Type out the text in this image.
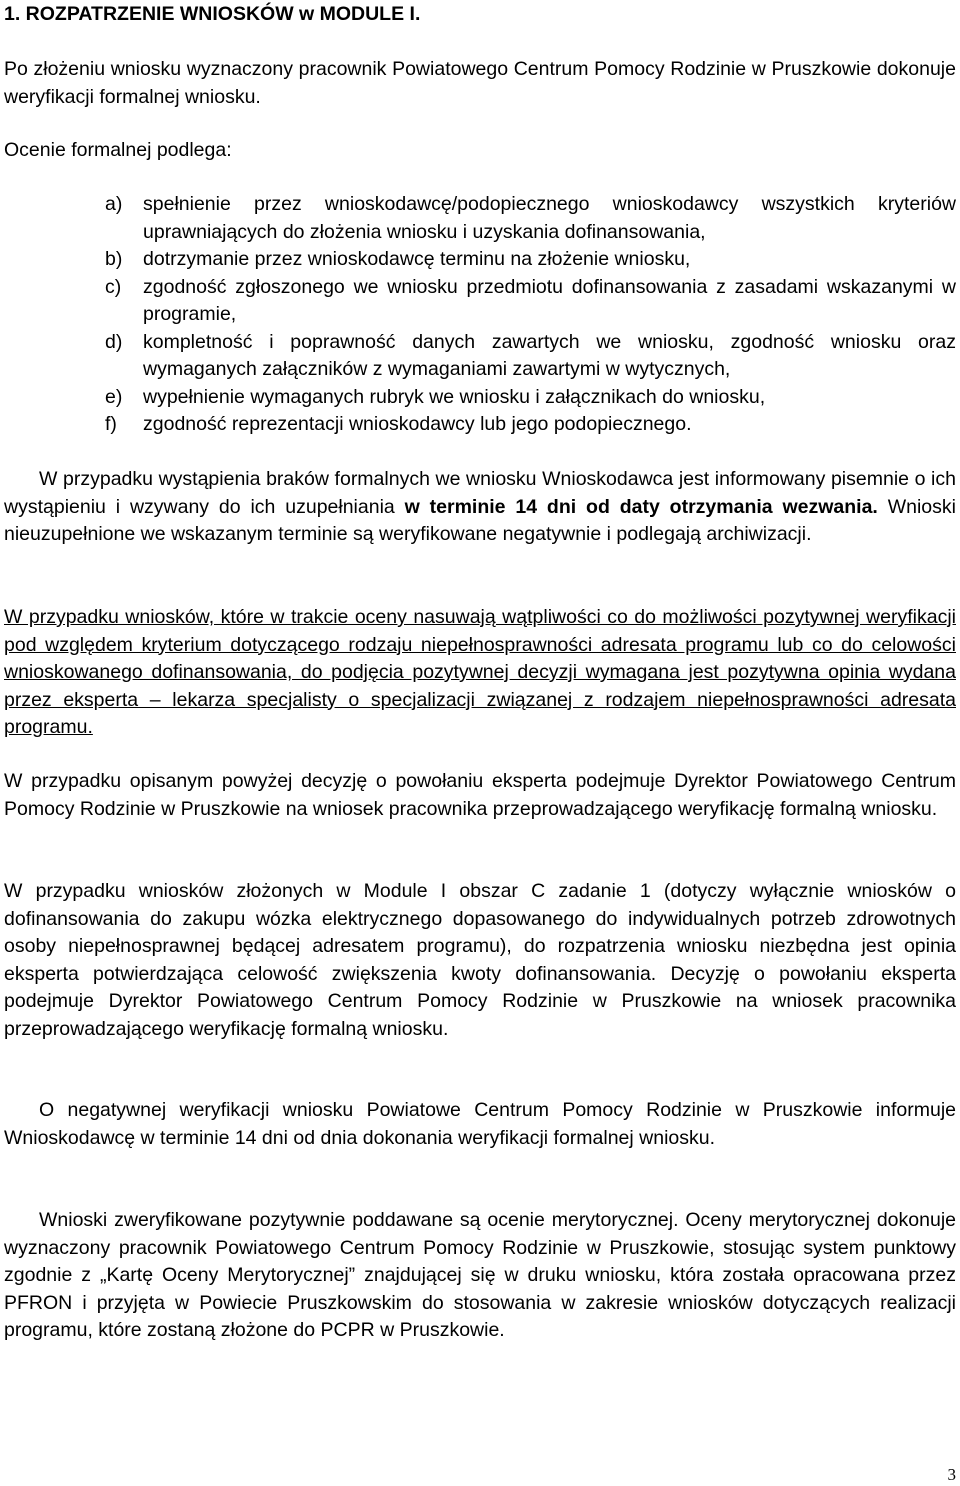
1. ROZPATRZENIE WNIOSKÓW w MODULE I.

Po złożeniu wniosku wyznaczony pracownik Powiatowego Centrum Pomocy Rodzinie w Pruszkowie dokonuje weryfikacji formalnej wniosku.

Ocenie formalnej podlega:

a) spełnienie przez wnioskodawcę/podopiecznego wnioskodawcy wszystkich kryteriów uprawniających do złożenia wniosku i uzyskania dofinansowania,
b) dotrzymanie przez wnioskodawcę terminu na złożenie wniosku,
c) zgodność zgłoszonego we wniosku przedmiotu dofinansowania z zasadami wskazanymi w programie,
d) kompletność i poprawność danych zawartych we wniosku, zgodność wniosku oraz wymaganych załączników z wymaganiami zawartymi w wytycznych,
e) wypełnienie wymaganych rubryk we wniosku i załącznikach do wniosku,
f) zgodność reprezentacji wnioskodawcy lub jego podopiecznego.

W przypadku wystąpienia braków formalnych we wniosku Wnioskodawca jest informowany pisemnie o ich wystąpieniu i wzywany do ich uzupełniania w terminie 14 dni od daty otrzymania wezwania. Wnioski nieuzupełnione we wskazanym terminie są weryfikowane negatywnie i podlegają archiwizacji.

W przypadku wniosków, które w trakcie oceny nasuwają wątpliwości co do możliwości pozytywnej weryfikacji pod względem kryterium dotyczącego rodzaju niepełnosprawności adresata programu lub co do celowości wnioskowanego dofinansowania, do podjęcia pozytywnej decyzji wymagana jest pozytywna opinia wydana przez eksperta – lekarza specjalisty o specjalizacji związanej z rodzajem niepełnosprawności adresata programu.

W przypadku opisanym powyżej decyzję o powołaniu eksperta podejmuje Dyrektor Powiatowego Centrum Pomocy Rodzinie w Pruszkowie na wniosek pracownika przeprowadzającego weryfikację formalną wniosku.

W przypadku wniosków złożonych w Module I obszar C zadanie 1 (dotyczy wyłącznie wniosków o dofinansowania do zakupu wózka elektrycznego dopasowanego do indywidualnych potrzeb zdrowotnych osoby niepełnosprawnej będącej adresatem programu), do rozpatrzenia wniosku niezbędna jest opinia eksperta potwierdzająca celowość zwiększenia kwoty dofinansowania. Decyzję o powołaniu eksperta podejmuje Dyrektor Powiatowego Centrum Pomocy Rodzinie w Pruszkowie na wniosek pracownika przeprowadzającego weryfikację formalną wniosku.

O negatywnej weryfikacji wniosku Powiatowe Centrum Pomocy Rodzinie w Pruszkowie informuje Wnioskodawcę w terminie 14 dni od dnia dokonania weryfikacji formalnej wniosku.

Wnioski zweryfikowane pozytywnie poddawane są ocenie merytorycznej. Oceny merytorycznej dokonuje wyznaczony pracownik Powiatowego Centrum Pomocy Rodzinie w Pruszkowie, stosując system punktowy zgodnie z „Kartę Oceny Merytorycznej” znajdującej się w druku wniosku, która została opracowana przez PFRON i przyjęta w Powiecie Pruszkowskim do stosowania w zakresie wniosków dotyczących realizacji programu, które zostaną złożone do PCPR w Pruszkowie.

3
